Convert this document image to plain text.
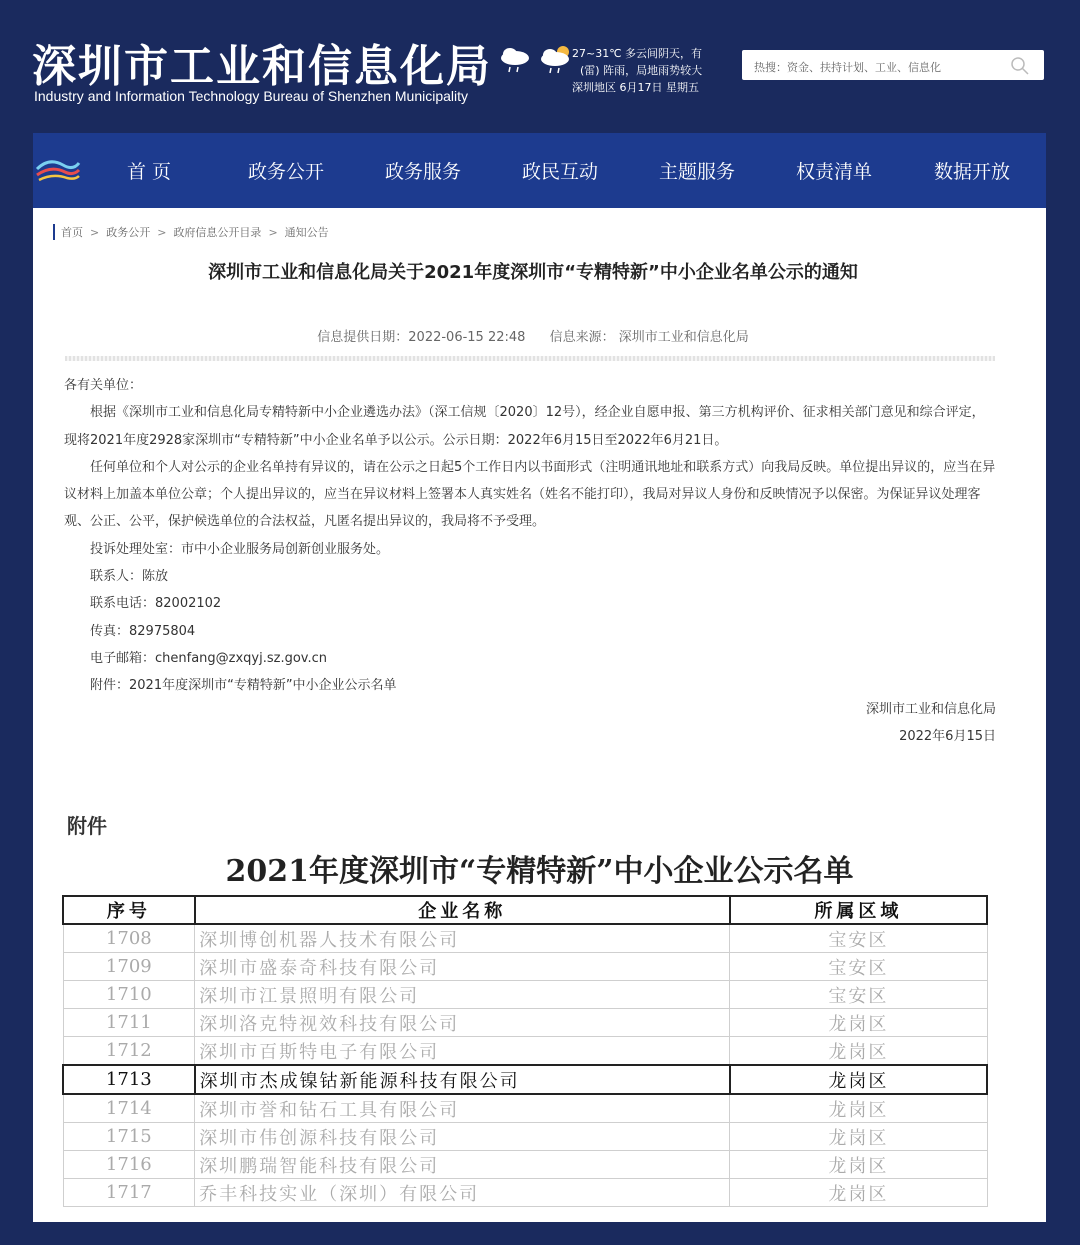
深圳市工业和信息化局
Industry and Information Technology Bureau of Shenzhen Municipality

27~31℃ 多云间阴天，有
(雷) 阵雨，局地雨势较大
深圳地区 6月17日 星期五
热搜：资金、扶持计划、工业、信息化
首 页	政务公开	政务服务	政民互动	主题服务	权责清单	数据开放
首页 > 政务公开 > 政府信息公开目录 > 通知公告
深圳市工业和信息化局关于2021年度深圳市“专精特新”中小企业名单公示的通知
信息提供日期：2022-06-15 22:48 信息来源： 深圳市工业和信息化局

各有关单位：

根据《深圳市工业和信息化局专精特新中小企业遴选办法》（深工信规〔2020〕12号），经企业自愿申报、第三方机构评价、征求相关部门意见和综合评定，现将2021年度2928家深圳市“专精特新”中小企业名单予以公示。公示日期：2022年6月15日至2022年6月21日。

任何单位和个人对公示的企业名单持有异议的，请在公示之日起5个工作日内以书面形式（注明通讯地址和联系方式）向我局反映。单位提出异议的，应当在异议材料上加盖本单位公章；个人提出异议的，应当在异议材料上签署本人真实姓名（姓名不能打印），我局对异议人身份和反映情况予以保密。为保证异议处理客观、公正、公平，保护候选单位的合法权益，凡匿名提出异议的，我局将不予受理。

投诉处理处室：市中小企业服务局创新创业服务处。

联系人：陈放

联系电话：82002102

传真：82975804

电子邮箱：chenfang@zxqyj.sz.gov.cn

附件：2021年度深圳市“专精特新”中小企业公示名单

深圳市工业和信息化局
2022年6月15日
附件
2021年度深圳市“专精特新”中小企业公示名单
序号	企业名称	所属区域
1708	深圳博创机器人技术有限公司	宝安区
1709	深圳市盛泰奇科技有限公司	宝安区
1710	深圳市江景照明有限公司	宝安区
1711	深圳洛克特视效科技有限公司	龙岗区
1712	深圳市百斯特电子有限公司	龙岗区
1713	深圳市杰成镍钴新能源科技有限公司	龙岗区
1714	深圳市誉和钻石工具有限公司	龙岗区
1715	深圳市伟创源科技有限公司	龙岗区
1716	深圳鹏瑞智能科技有限公司	龙岗区
1717	乔丰科技实业（深圳）有限公司	龙岗区
